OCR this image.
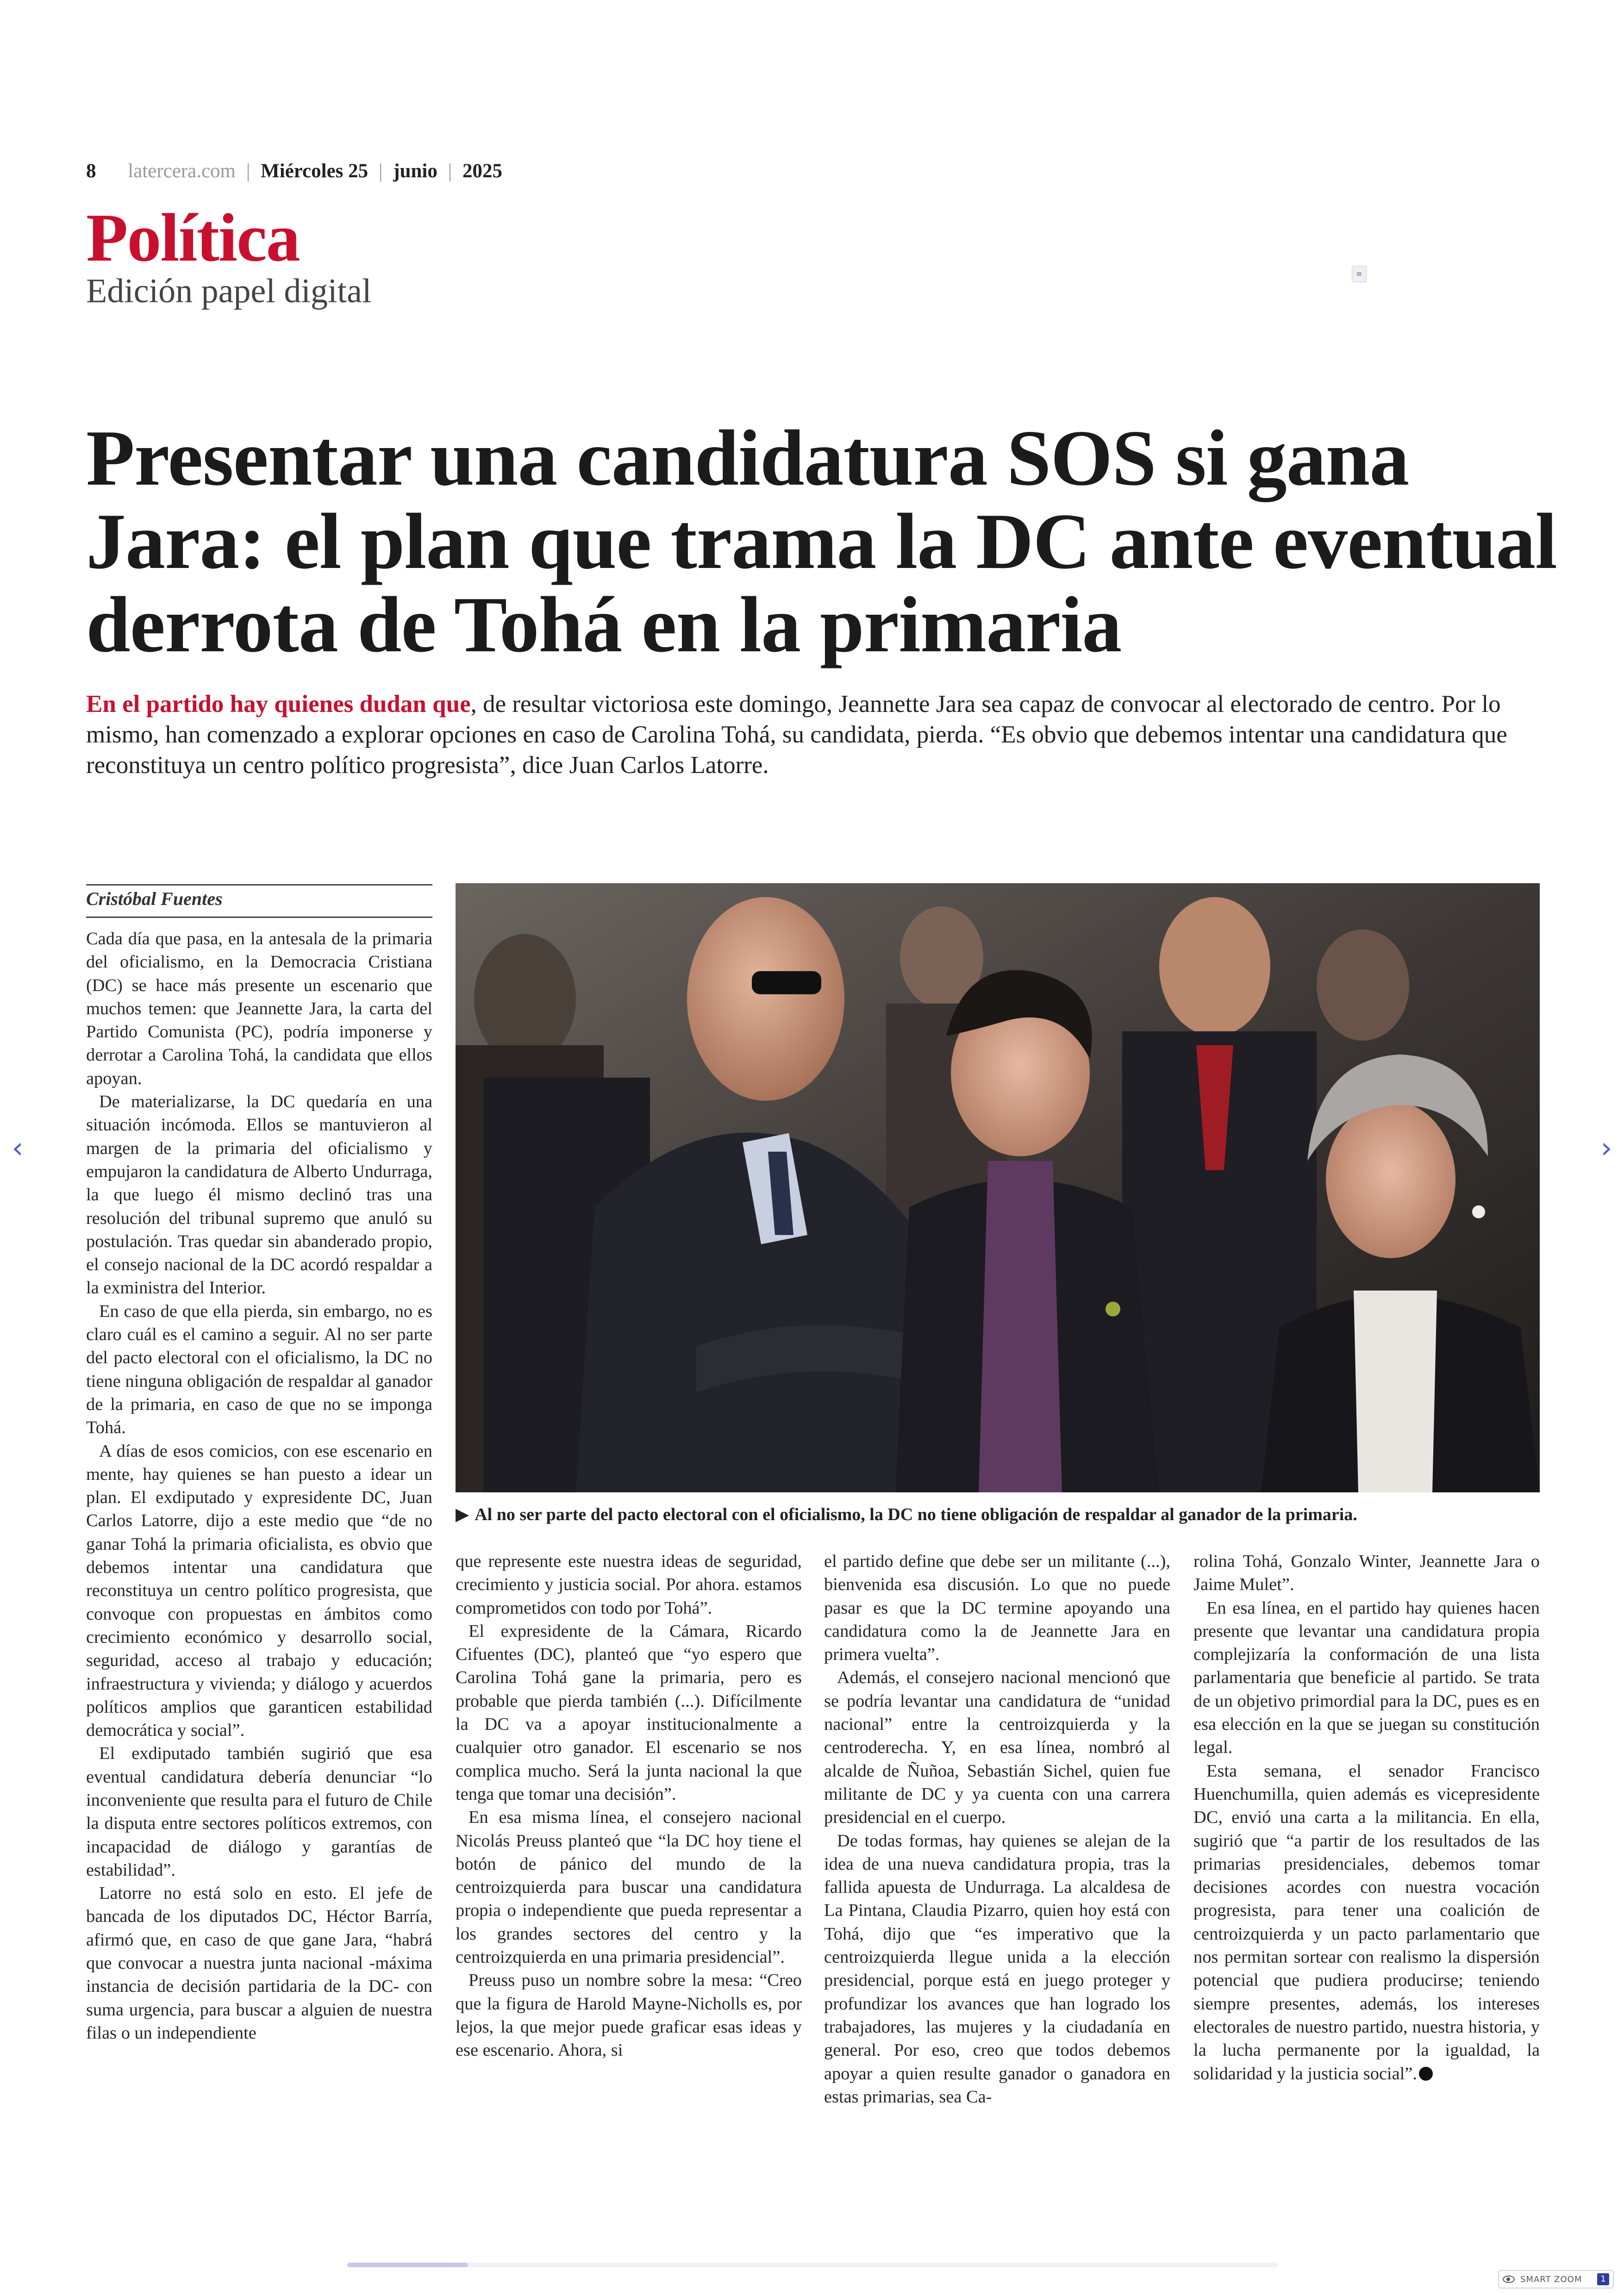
8 latercera.com | Miércoles 25 | junio | 2025
Política
Edición papel digital	≡
Presentar una candidatura SOS si gana Jara: el plan que trama la DC ante eventual derrota de Tohá en la primaria
En el partido hay quienes dudan que, de resultar victoriosa este domingo, Jeannette Jara sea capaz de convocar al electorado de centro. Por lo mismo, han comenzado a explorar opciones en caso de Carolina Tohá, su candidata, pierda. “Es obvio que debemos intentar una candidatura que reconstituya un centro político progresista”, dice Juan Carlos Latorre.
Cristóbal Fuentes

Cada día que pasa, en la antesala de la primaria del oficialismo, en la Democracia Cristiana (DC) se hace más presente un escenario que muchos temen: que Jeannette Jara, la carta del Partido Comunista (PC), podría imponerse y derrotar a Carolina Tohá, la candidata que ellos apoyan.

De materializarse, la DC quedaría en una situación incómoda. Ellos se mantuvieron al margen de la primaria del oficialismo y empujaron la candidatura de Alberto Undurraga, la que luego él mismo declinó tras una resolución del tribunal supremo que anuló su postulación. Tras quedar sin abanderado propio, el consejo nacional de la DC acordó respaldar a la exministra del Interior.

En caso de que ella pierda, sin embargo, no es claro cuál es el camino a seguir. Al no ser parte del pacto electoral con el oficialismo, la DC no tiene ninguna obligación de respaldar al ganador de la primaria, en caso de que no se imponga Tohá.

A días de esos comicios, con ese escenario en mente, hay quienes se han puesto a idear un plan. El exdiputado y expresidente DC, Juan Carlos Latorre, dijo a este medio que “de no ganar Tohá la primaria oficialista, es obvio que debemos intentar una candidatura que reconstituya un centro político progresista, que convoque con propuestas en ámbitos como crecimiento económico y desarrollo social, seguridad, acceso al trabajo y educación; infraestructura y vivienda; y diálogo y acuerdos políticos amplios que garanticen estabilidad democrática y social”.

El exdiputado también sugirió que esa eventual candidatura debería denunciar “lo inconveniente que resulta para el futuro de Chile la disputa entre sectores políticos extremos, con incapacidad de diálogo y garantías de estabilidad”.

Latorre no está solo en esto. El jefe de bancada de los diputados DC, Héctor Barría, afirmó que, en caso de que gane Jara, “habrá que convocar a nuestra junta nacional -máxima instancia de decisión partidaria de la DC- con suma urgencia, para buscar a alguien de nuestra filas o un independiente

que represente este nuestra ideas de seguridad, crecimiento y justicia social. Por ahora. estamos comprometidos con todo por Tohá”.

El expresidente de la Cámara, Ricardo Cifuentes (DC), planteó que “yo espero que Carolina Tohá gane la primaria, pero es probable que pierda también (...). Difícilmente la DC va a apoyar institucionalmente a cualquier otro ganador. El escenario se nos complica mucho. Será la junta nacional la que tenga que tomar una decisión”.

En esa misma línea, el consejero nacional Nicolás Preuss planteó que “la DC hoy tiene el botón de pánico del mundo de la centroizquierda para buscar una candidatura propia o independiente que pueda representar a los grandes sectores del centro y la centroizquierda en una primaria presidencial”.

Preuss puso un nombre sobre la mesa: “Creo que la figura de Harold Mayne-Nicholls es, por lejos, la que mejor puede graficar esas ideas y ese escenario. Ahora, si

el partido define que debe ser un militante (...), bienvenida esa discusión. Lo que no puede pasar es que la DC termine apoyando una candidatura como la de Jeannette Jara en primera vuelta”.

Además, el consejero nacional mencionó que se podría levantar una candidatura de “unidad nacional” entre la centroizquierda y la centroderecha. Y, en esa línea, nombró al alcalde de Ñuñoa, Sebastián Sichel, quien fue militante de DC y ya cuenta con una carrera presidencial en el cuerpo.

De todas formas, hay quienes se alejan de la idea de una nueva candidatura propia, tras la fallida apuesta de Undurraga. La alcaldesa de La Pintana, Claudia Pizarro, quien hoy está con Tohá, dijo que “es imperativo que la centroizquierda llegue unida a la elección presidencial, porque está en juego proteger y profundizar los avances que han logrado los trabajadores, las mujeres y la ciudadanía en general. Por eso, creo que todos debemos apoyar a quien resulte ganador o ganadora en estas primarias, sea Ca-

rolina Tohá, Gonzalo Winter, Jeannette Jara o Jaime Mulet”.

En esa línea, en el partido hay quienes hacen presente que levantar una candidatura propia complejizaría la conformación de una lista parlamentaria que beneficie al partido. Se trata de un objetivo primordial para la DC, pues es en esa elección en la que se juegan su constitución legal.

Esta semana, el senador Francisco Huenchumilla, quien además es vicepresidente DC, envió una carta a la militancia. En ella, sugirió que “a partir de los resultados de las primarias presidenciales, debemos tomar decisiones acordes con nuestra vocación progresista, para tener una coalición de centroizquierda y un pacto parlamentario que nos permitan sortear con realismo la dispersión potencial que pudiera producirse; teniendo siempre presentes, además, los intereses electorales de nuestro partido, nuestra historia, y la lucha permanente por la igualdad, la solidaridad y la justicia social”.

▶ Al no ser parte del pacto electoral con el oficialismo, la DC no tiene obligación de respaldar al ganador de la primaria.
‹	›
SMART ZOOM	1
